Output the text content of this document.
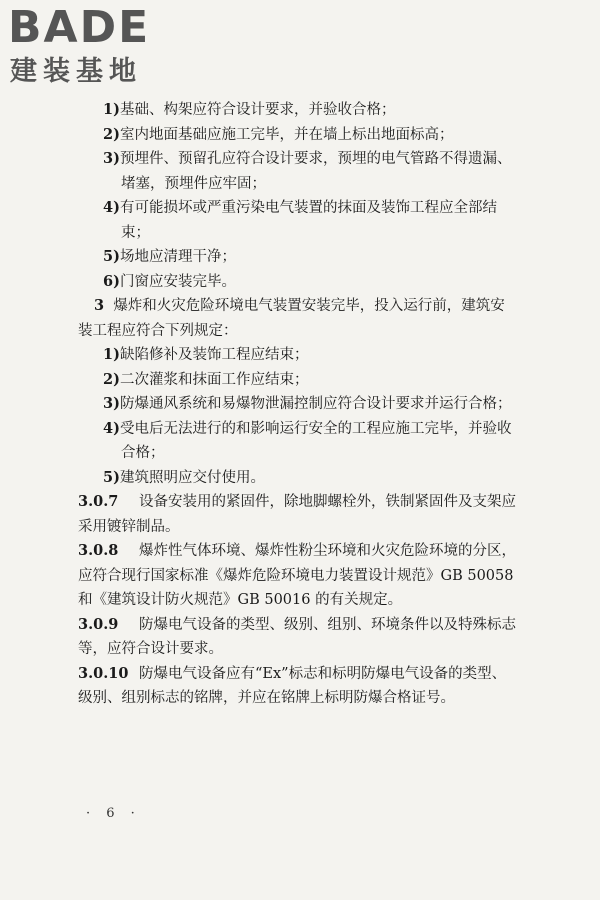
BADE
建装基地

1)基础、构架应符合设计要求，并验收合格；

2)室内地面基础应施工完毕，并在墙上标出地面标高；

3)预埋件、预留孔应符合设计要求，预埋的电气管路不得遗漏、堵塞，预埋件应牢固；

4)有可能损坏或严重污染电气装置的抹面及装饰工程应全部结束；

5)场地应清理干净；

6)门窗应安装完毕。

3 爆炸和火灾危险环境电气装置安装完毕，投入运行前，建筑安装工程应符合下列规定：

1)缺陷修补及装饰工程应结束；

2)二次灌浆和抹面工作应结束；

3)防爆通风系统和易爆物泄漏控制应符合设计要求并运行合格；

4)受电后无法进行的和影响运行安全的工程应施工完毕，并验收合格；

5)建筑照明应交付使用。

3.0.7 设备安装用的紧固件，除地脚螺栓外，铁制紧固件及支架应采用镀锌制品。

3.0.8 爆炸性气体环境、爆炸性粉尘环境和火灾危险环境的分区，应符合现行国家标准《爆炸危险环境电力装置设计规范》GB 50058 和《建筑设计防火规范》GB 50016 的有关规定。

3.0.9 防爆电气设备的类型、级别、组别、环境条件以及特殊标志等，应符合设计要求。

3.0.10 防爆电气设备应有“Ex”标志和标明防爆电气设备的类型、级别、组别标志的铭牌，并应在铭牌上标明防爆合格证号。

· 6 ·
